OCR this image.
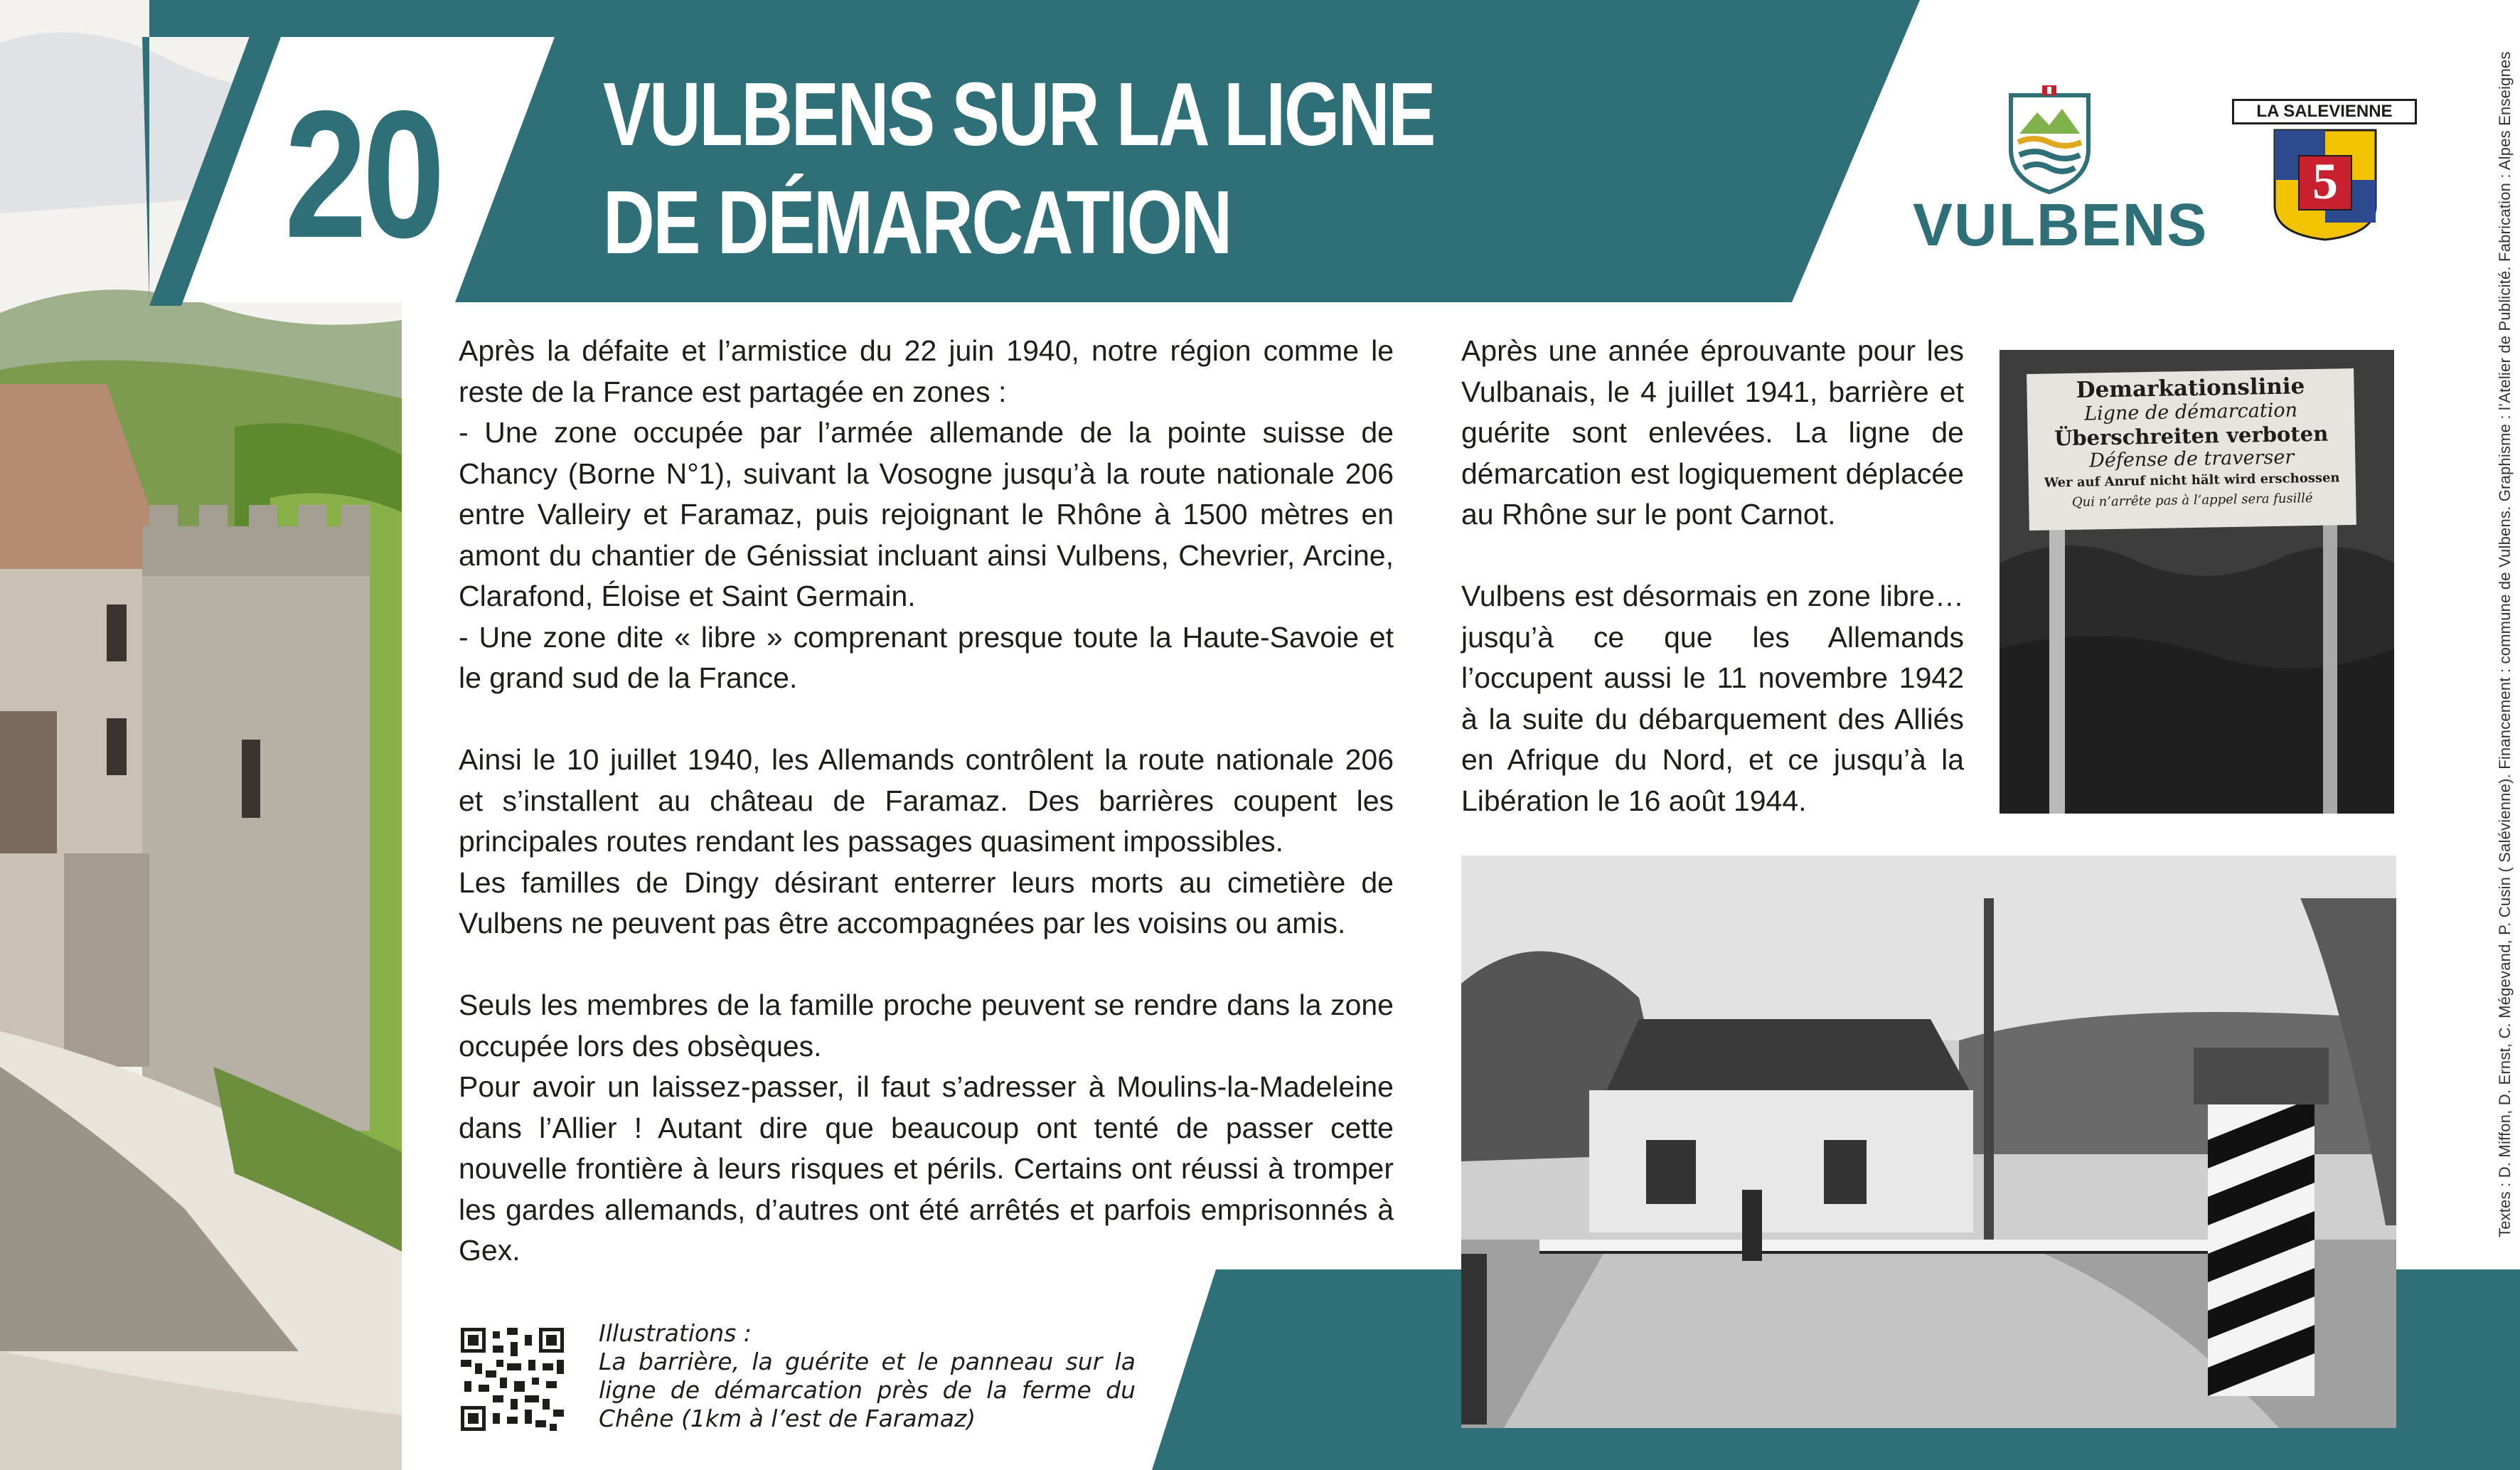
20 VULBENS SUR LA LIGNE
DE DÉMARCATION	VULBENS
LA SALEVIENNE
5

Après la défaite et l’armistice du 22 juin 1940, notre région comme le reste de la France est partagée en zones :

- Une zone occupée par l’armée allemande de la pointe suisse de Chancy (Borne N°1), suivant la Vosogne jusqu’à la route nationale 206 entre Valleiry et Faramaz, puis rejoignant le Rhône à 1500 mètres en amont du chantier de Génissiat incluant ainsi Vulbens, Chevrier, Arcine, Clarafond, Éloise et Saint Germain.

- Une zone dite « libre » comprenant presque toute la Haute-Savoie et le grand sud de la France.

Ainsi le 10 juillet 1940, les Allemands contrôlent la route nationale 206 et s’installent au château de Faramaz. Des barrières coupent les principales routes rendant les passages quasiment impossibles.

Les familles de Dingy désirant enterrer leurs morts au cimetière de Vulbens ne peuvent pas être accompagnées par les voisins ou amis.

Seuls les membres de la famille proche peuvent se rendre dans la zone occupée lors des obsèques.

Pour avoir un laissez-passer, il faut s’adresser à Moulins-la-Madeleine dans l’Allier ! Autant dire que beaucoup ont tenté de passer cette nouvelle frontière à leurs risques et périls. Certains ont réussi à tromper les gardes allemands, d’autres ont été arrêtés et parfois emprisonnés à Gex.

Après une année éprouvante pour les Vulbanais, le 4 juillet 1941, barrière et guérite sont enlevées. La ligne de démarcation est logiquement déplacée au Rhône sur le pont Carnot.

Vulbens est désormais en zone libre… jusqu’à ce que les Allemands l’occupent aussi le 11 novembre 1942 à la suite du débarquement des Alliés en Afrique du Nord, et ce jusqu’à la Libération le 16 août 1944.

Demarkationslinie
Ligne de démarcation
Überschreiten verboten
Défense de traverser
Wer auf Anruf nicht hält wird erschossen
Qui n’arrête pas à l’appel sera fusillé

Illustrations :

La barrière, la guérite et le panneau sur la ligne de démarcation près de la ferme du Chêne (1km à l’est de Faramaz)

Textes : D. Miffon, D. Ernst, C. Mégevand, P. Cusin ( Salévienne). Financement : commune de Vulbens. Graphisme : l’Atelier de Publicité. Fabrication : Alpes Enseignes
